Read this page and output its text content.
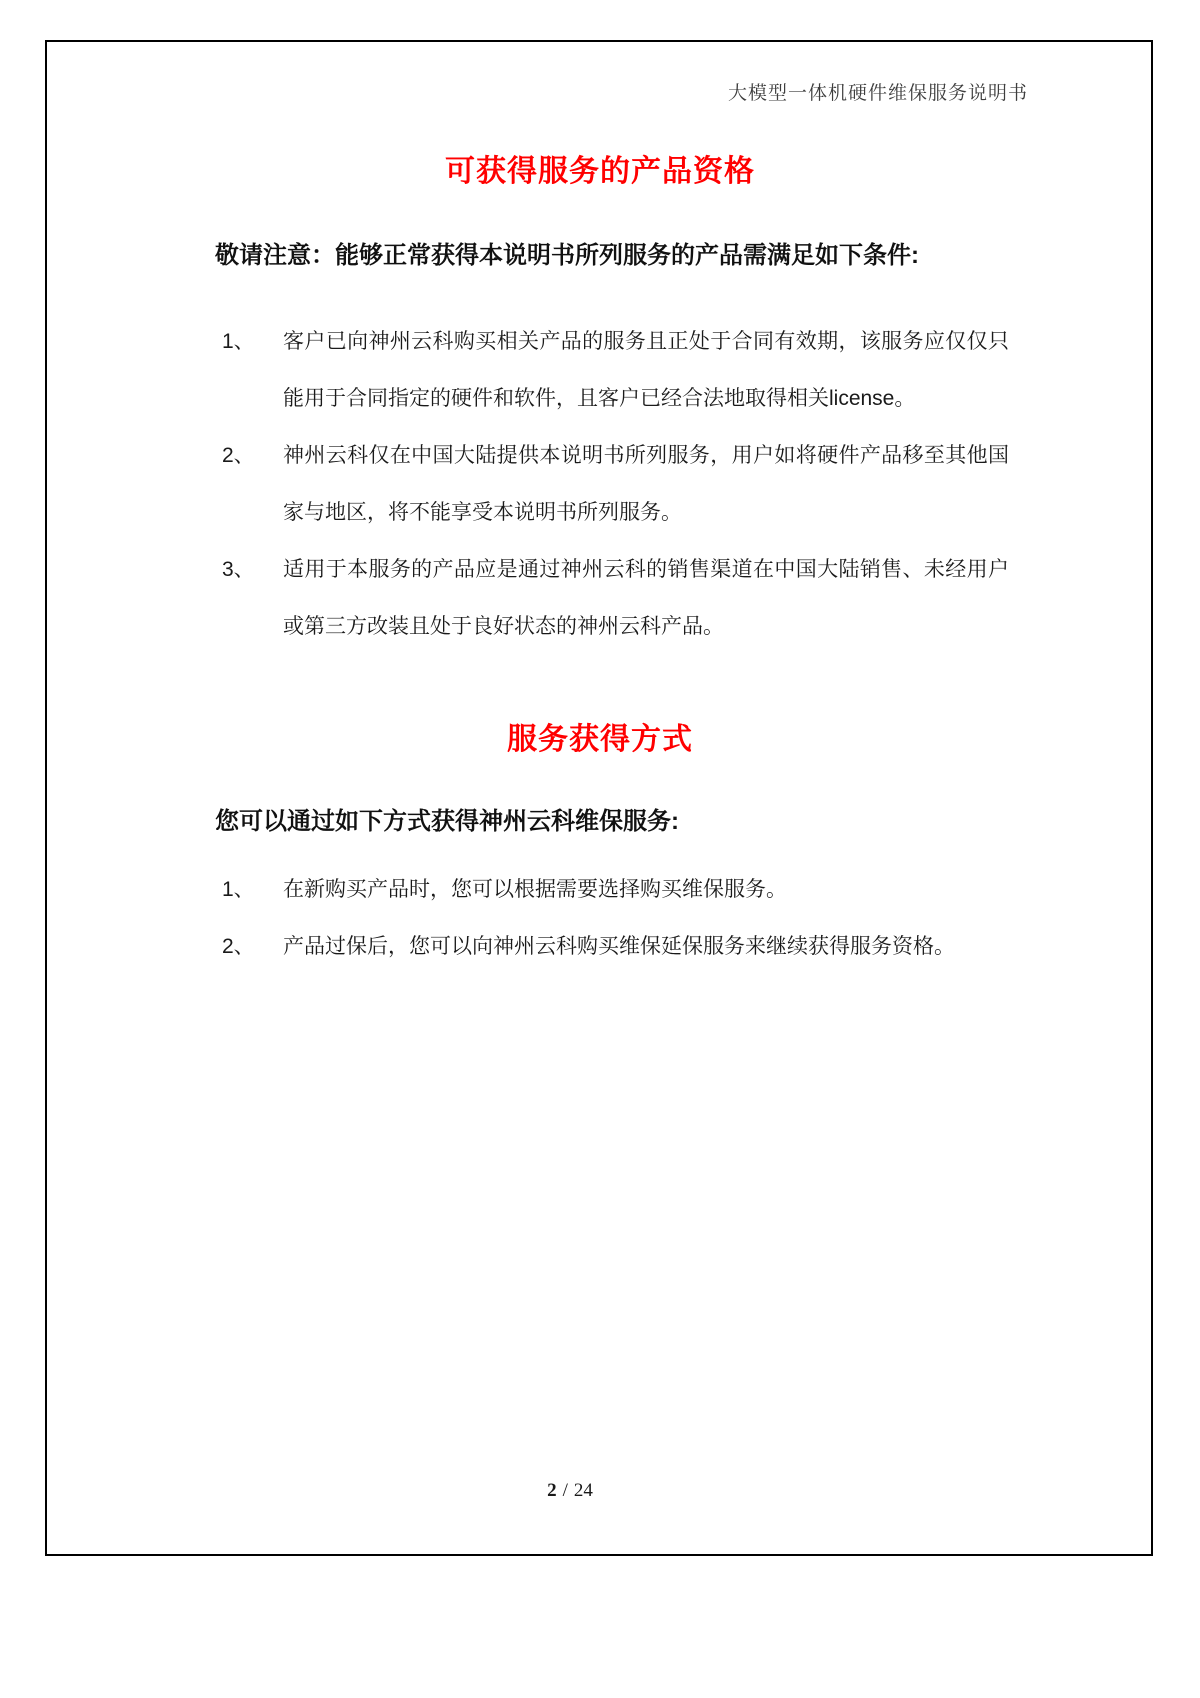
大模型一体机硬件维保服务说明书
可获得服务的产品资格
敬请注意：能够正常获得本说明书所列服务的产品需满足如下条件:
1、	客户已向神州云科购买相关产品的服务且正处于合同有效期，该服务应仅仅只能用于合同指定的硬件和软件，且客户已经合法地取得相关license。
2、	神州云科仅在中国大陆提供本说明书所列服务，用户如将硬件产品移至其他国家与地区，将不能享受本说明书所列服务。
3、	适用于本服务的产品应是通过神州云科的销售渠道在中国大陆销售、未经用户或第三方改装且处于良好状态的神州云科产品。
服务获得方式
您可以通过如下方式获得神州云科维保服务:
1、	在新购买产品时，您可以根据需要选择购买维保服务。
2、	产品过保后，您可以向神州云科购买维保延保服务来继续获得服务资格。
2 / 24
